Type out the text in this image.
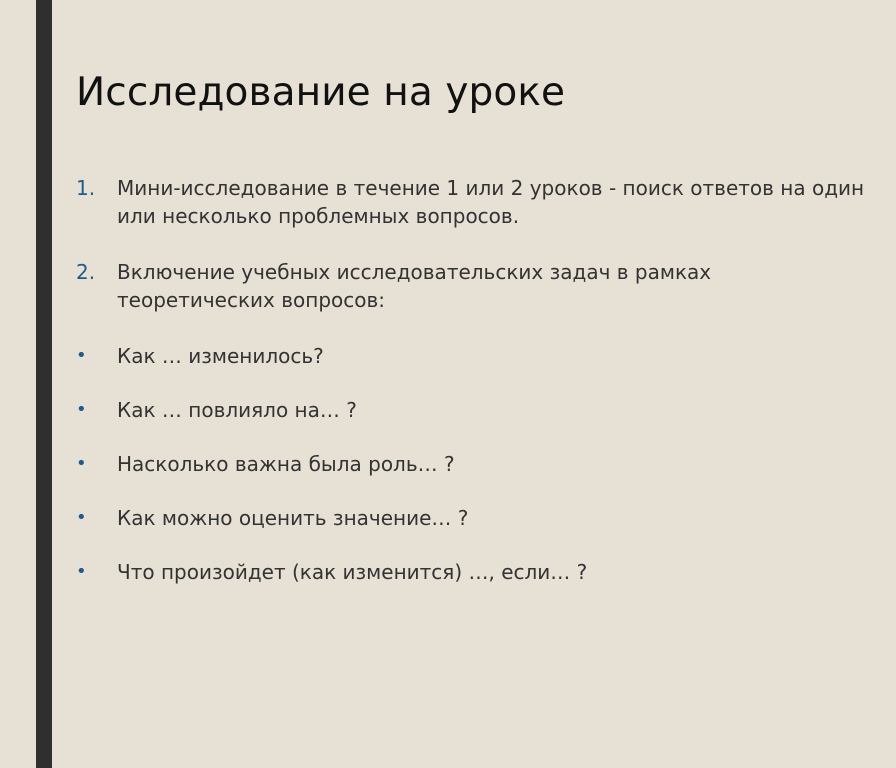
Исследование на уроке
1. Мини-исследование в течение 1 или 2 уроков - поиск ответов на один или несколько проблемных вопросов.
2. Включение учебных исследовательских задач в рамках теоретических вопросов:
• Как … изменилось?
• Как … повлияло на… ?
• Насколько важна была роль… ?
• Как можно оценить значение… ?
• Что произойдет (как изменится) …, если… ?
